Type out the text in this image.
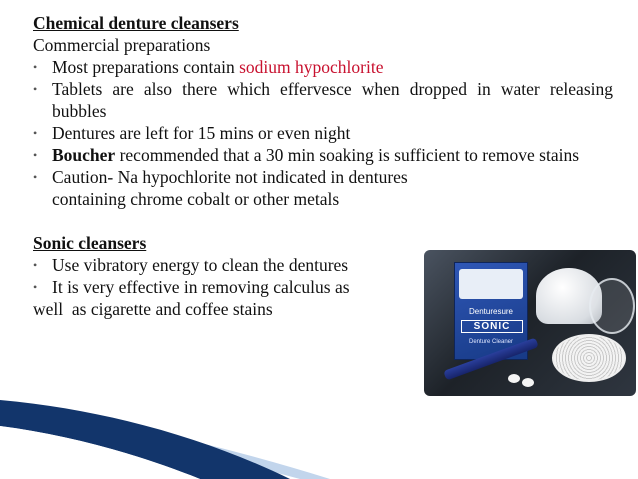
Chemical denture cleansers

Commercial preparations

• Most preparations contain sodium hypochlorite
• Tablets are also there which effervesce when dropped in water releasing bubbles
• Dentures are left for 15 mins or even night
• Boucher recommended that a 30 min soaking is sufficient to remove stains
• Caution- Na hypochlorite not indicated in dentures containing chrome cobalt or other metals

Sonic cleansers

• Use vibratory energy to clean the dentures
• It is very effective in removing calculus as

well  as cigarette and coffee stains	Denturesure
SONIC
Denture Cleaner
